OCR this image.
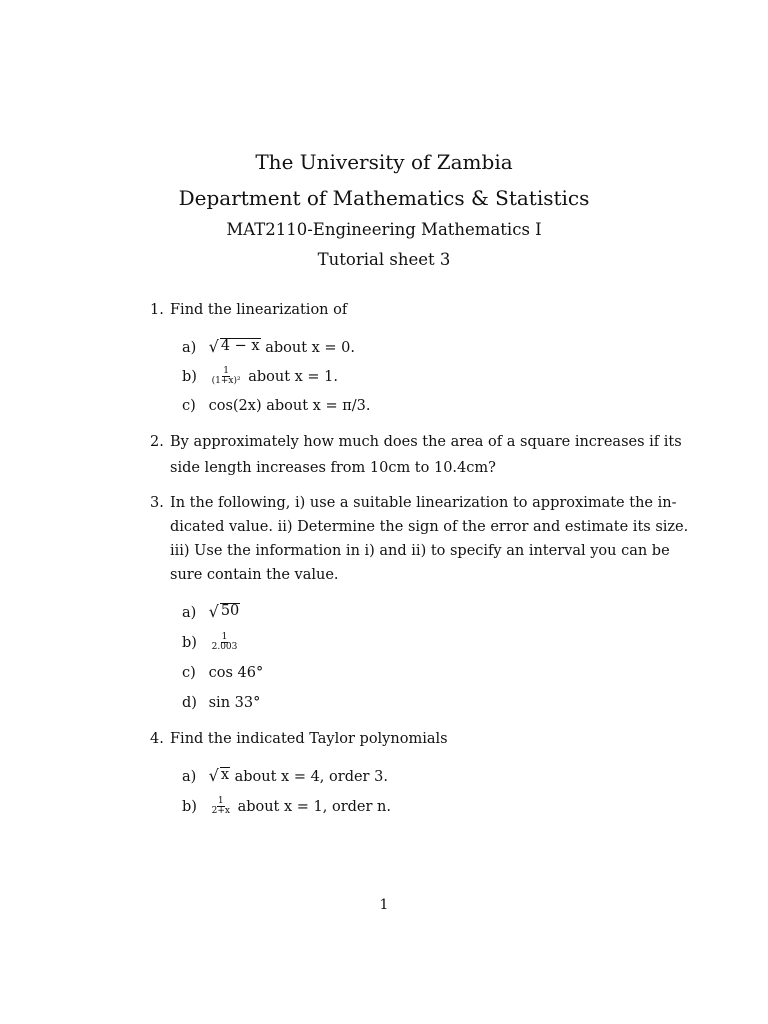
The University of Zambia
Department of Mathematics & Statistics
MAT2110-Engineering Mathematics I
Tutorial sheet 3
1. Find the linearization of
a) √ 4 − x about x = 0.
$b) \frac{1}{\text{(1+x)²}}$ about x = 1.
c) cos(2x) about x = π/3.
2. By approximately how much does the area of a square increases if its
side length increases from 10cm to 10.4cm?
3. In the following, i) use a suitable linearization to approximate the in-
dicated value. ii) Determine the sign of the error and estimate its size.
iii) Use the information in i) and ii) to specify an interval you can be
sure contain the value.
a) √ 50
$b) \frac{1}{2.003}$
c) cos 46°
d) sin 33°
4. Find the indicated Taylor polynomials
a) √ x about x = 4, order 3.
$b) \frac{1}{2+x}$ about x = 1, order n.
1
